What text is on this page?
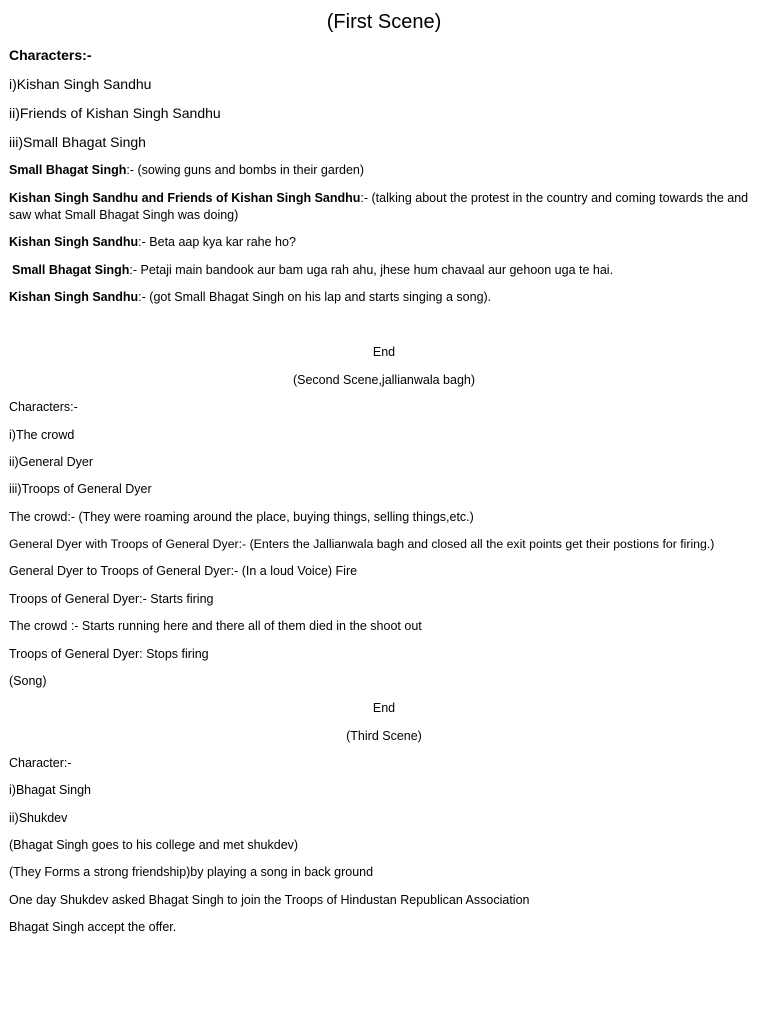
(First Scene)
Characters:-
i)Kishan Singh Sandhu
ii)Friends of Kishan Singh Sandhu
iii)Small Bhagat Singh
Small Bhagat Singh:- (sowing guns and bombs in their garden)
Kishan Singh Sandhu and Friends of Kishan Singh Sandhu:- (talking about the protest in the country and coming towards the and saw what Small Bhagat Singh was doing)
Kishan Singh Sandhu:- Beta aap kya kar rahe ho?
Small Bhagat Singh:- Petaji main bandook aur bam uga rah ahu, jhese hum chavaal aur gehoon uga te hai.
Kishan Singh Sandhu:- (got Small Bhagat Singh on his lap and starts singing a song).
End
(Second Scene,jallianwala bagh)
Characters:-
i)The crowd
ii)General Dyer
iii)Troops of General Dyer
The crowd:- (They were roaming around the place, buying things, selling things,etc.)
General Dyer with Troops of General Dyer:- (Enters the Jallianwala bagh and closed all the exit points get their postions for firing.)
General Dyer to Troops of General Dyer:- (In a loud Voice) Fire
Troops of General Dyer:- Starts firing
The crowd :- Starts running here and there all of them died in the shoot out
Troops of General Dyer: Stops firing
(Song)
End
(Third Scene)
Character:-
i)Bhagat Singh
ii)Shukdev
(Bhagat Singh goes to his college and met shukdev)
(They Forms a strong friendship)by playing a song in back ground
One day Shukdev asked Bhagat Singh to join the Troops of Hindustan Republican Association
Bhagat Singh accept the offer.
